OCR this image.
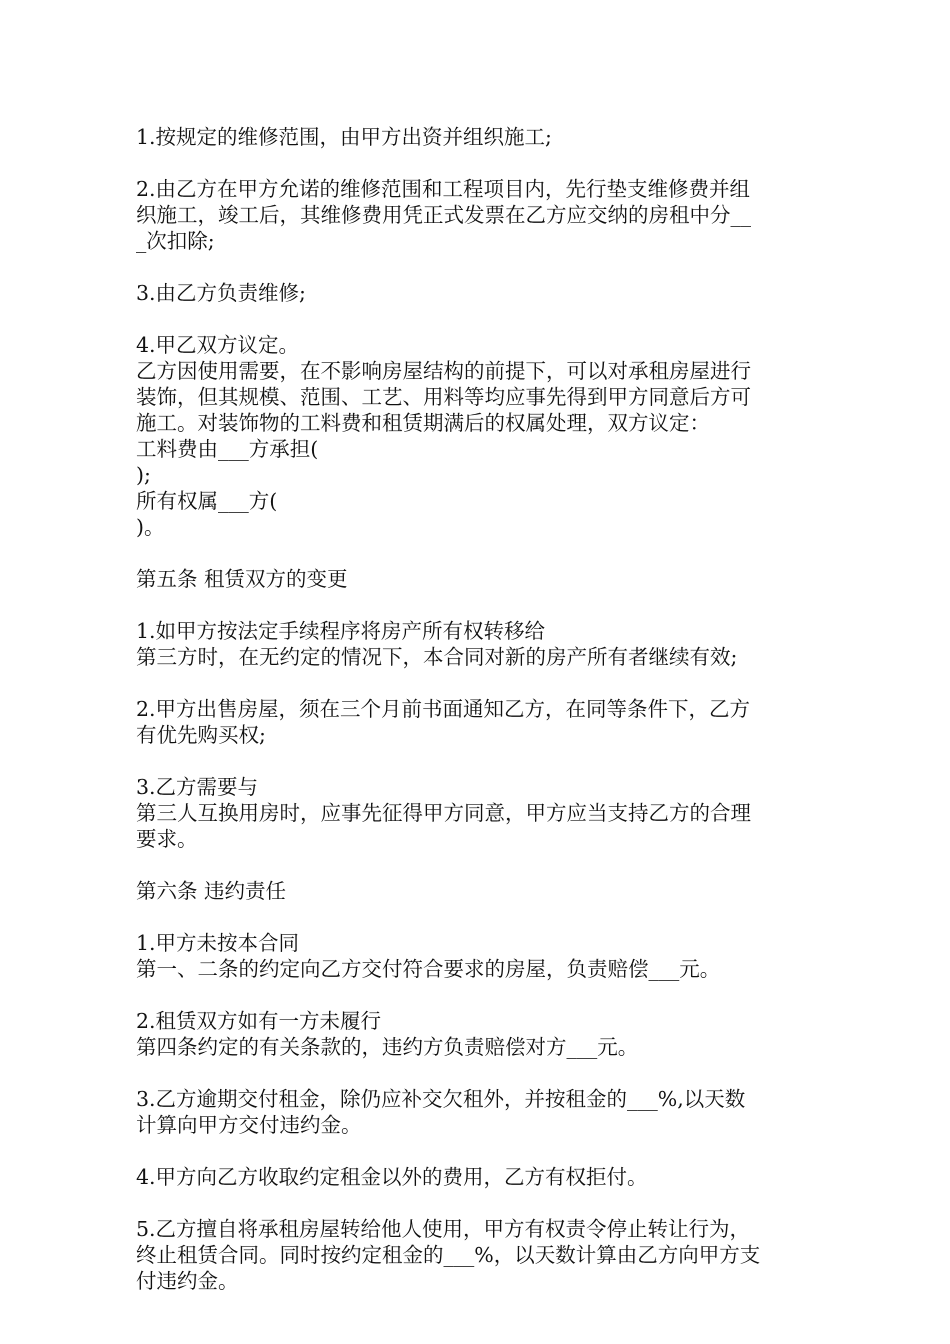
1.按规定的维修范围，由甲方出资并组织施工;

2.由乙方在甲方允诺的维修范围和工程项目内，先行垫支维修费并组
织施工，竣工后，其维修费用凭正式发票在乙方应交纳的房租中分__
_次扣除;

3.由乙方负责维修;

4.甲乙双方议定。
乙方因使用需要，在不影响房屋结构的前提下，可以对承租房屋进行
装饰，但其规模、范围、工艺、用料等均应事先得到甲方同意后方可
施工。对装饰物的工料费和租赁期满后的权属处理，双方议定：
工料费由___方承担(
);
所有权属___方(
)。

第五条 租赁双方的变更

1.如甲方按法定手续程序将房产所有权转移给
第三方时，在无约定的情况下，本合同对新的房产所有者继续有效;

2.甲方出售房屋，须在三个月前书面通知乙方，在同等条件下，乙方
有优先购买权;

3.乙方需要与
第三人互换用房时，应事先征得甲方同意，甲方应当支持乙方的合理
要求。

第六条 违约责任

1.甲方未按本合同
第一、二条的约定向乙方交付符合要求的房屋，负责赔偿___元。

2.租赁双方如有一方未履行
第四条约定的有关条款的，违约方负责赔偿对方___元。

3.乙方逾期交付租金，除仍应补交欠租外，并按租金的___%,以天数
计算向甲方交付违约金。

4.甲方向乙方收取约定租金以外的费用，乙方有权拒付。

5.乙方擅自将承租房屋转给他人使用，甲方有权责令停止转让行为，
终止租赁合同。同时按约定租金的___%，以天数计算由乙方向甲方支
付违约金。
